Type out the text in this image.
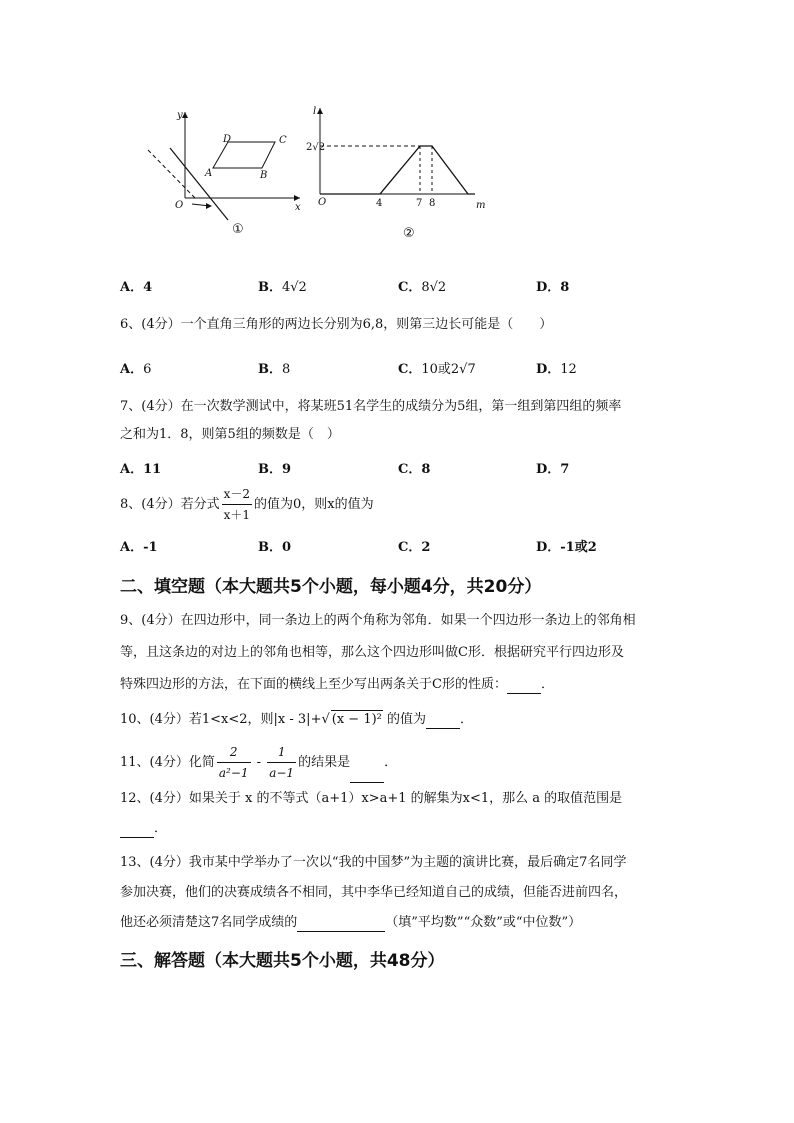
y
x
O
A	B
C
D
①
l
m
O
2√2
4	7 8
②
A．4	B．4√2	C．8√2	D．8
6、(4分）一个直角三角形的两边长分别为6,8，则第三边长可能是（　　）
A．6	B．8	C．10或2√7	D．12
7、(4分）在一次数学测试中，将某班51名学生的成绩分为5组，第一组到第四组的频率
之和为1．8，则第5组的频数是（　）
A．11	B．9	C．8	D．7
8、(4分）若分式 $\frac{x-2}{x+1}$ 的值为0，则x的值为
A．-1	B．0	C．2	D．-1或2
二、填空题（本大题共5个小题，每小题4分，共20分）
9、(4分）在四边形中，同一条边上的两个角称为邻角．如果一个四边形一条边上的邻角相
等，且这条边的对边上的邻角也相等，那么这个四边形叫做C形．根据研究平行四边形及
特殊四边形的方法，在下面的横线上至少写出两条关于C形的性质：	．
10、(4分）若1<x<2，则|x - 3|+√ (x − 1)² 的值为	．
11、(4分）化简 $\frac{2}{\text{a²−1}} - \frac{1}{a-1}$ 的结果是	．
12、(4分）如果关于 x 的不等式（a+1）x>a+1 的解集为x<1，那么 a 的取值范围是
．
13、(4分）我市某中学举办了一次以“我的中国梦”为主题的演讲比赛，最后确定7名同学
参加决赛，他们的决赛成绩各不相同，其中李华已经知道自己的成绩，但能否进前四名，
他还必须清楚这7名同学成绩的	（填”平均数”“众数”或“中位数”）
三、解答题（本大题共5个小题，共48分）
